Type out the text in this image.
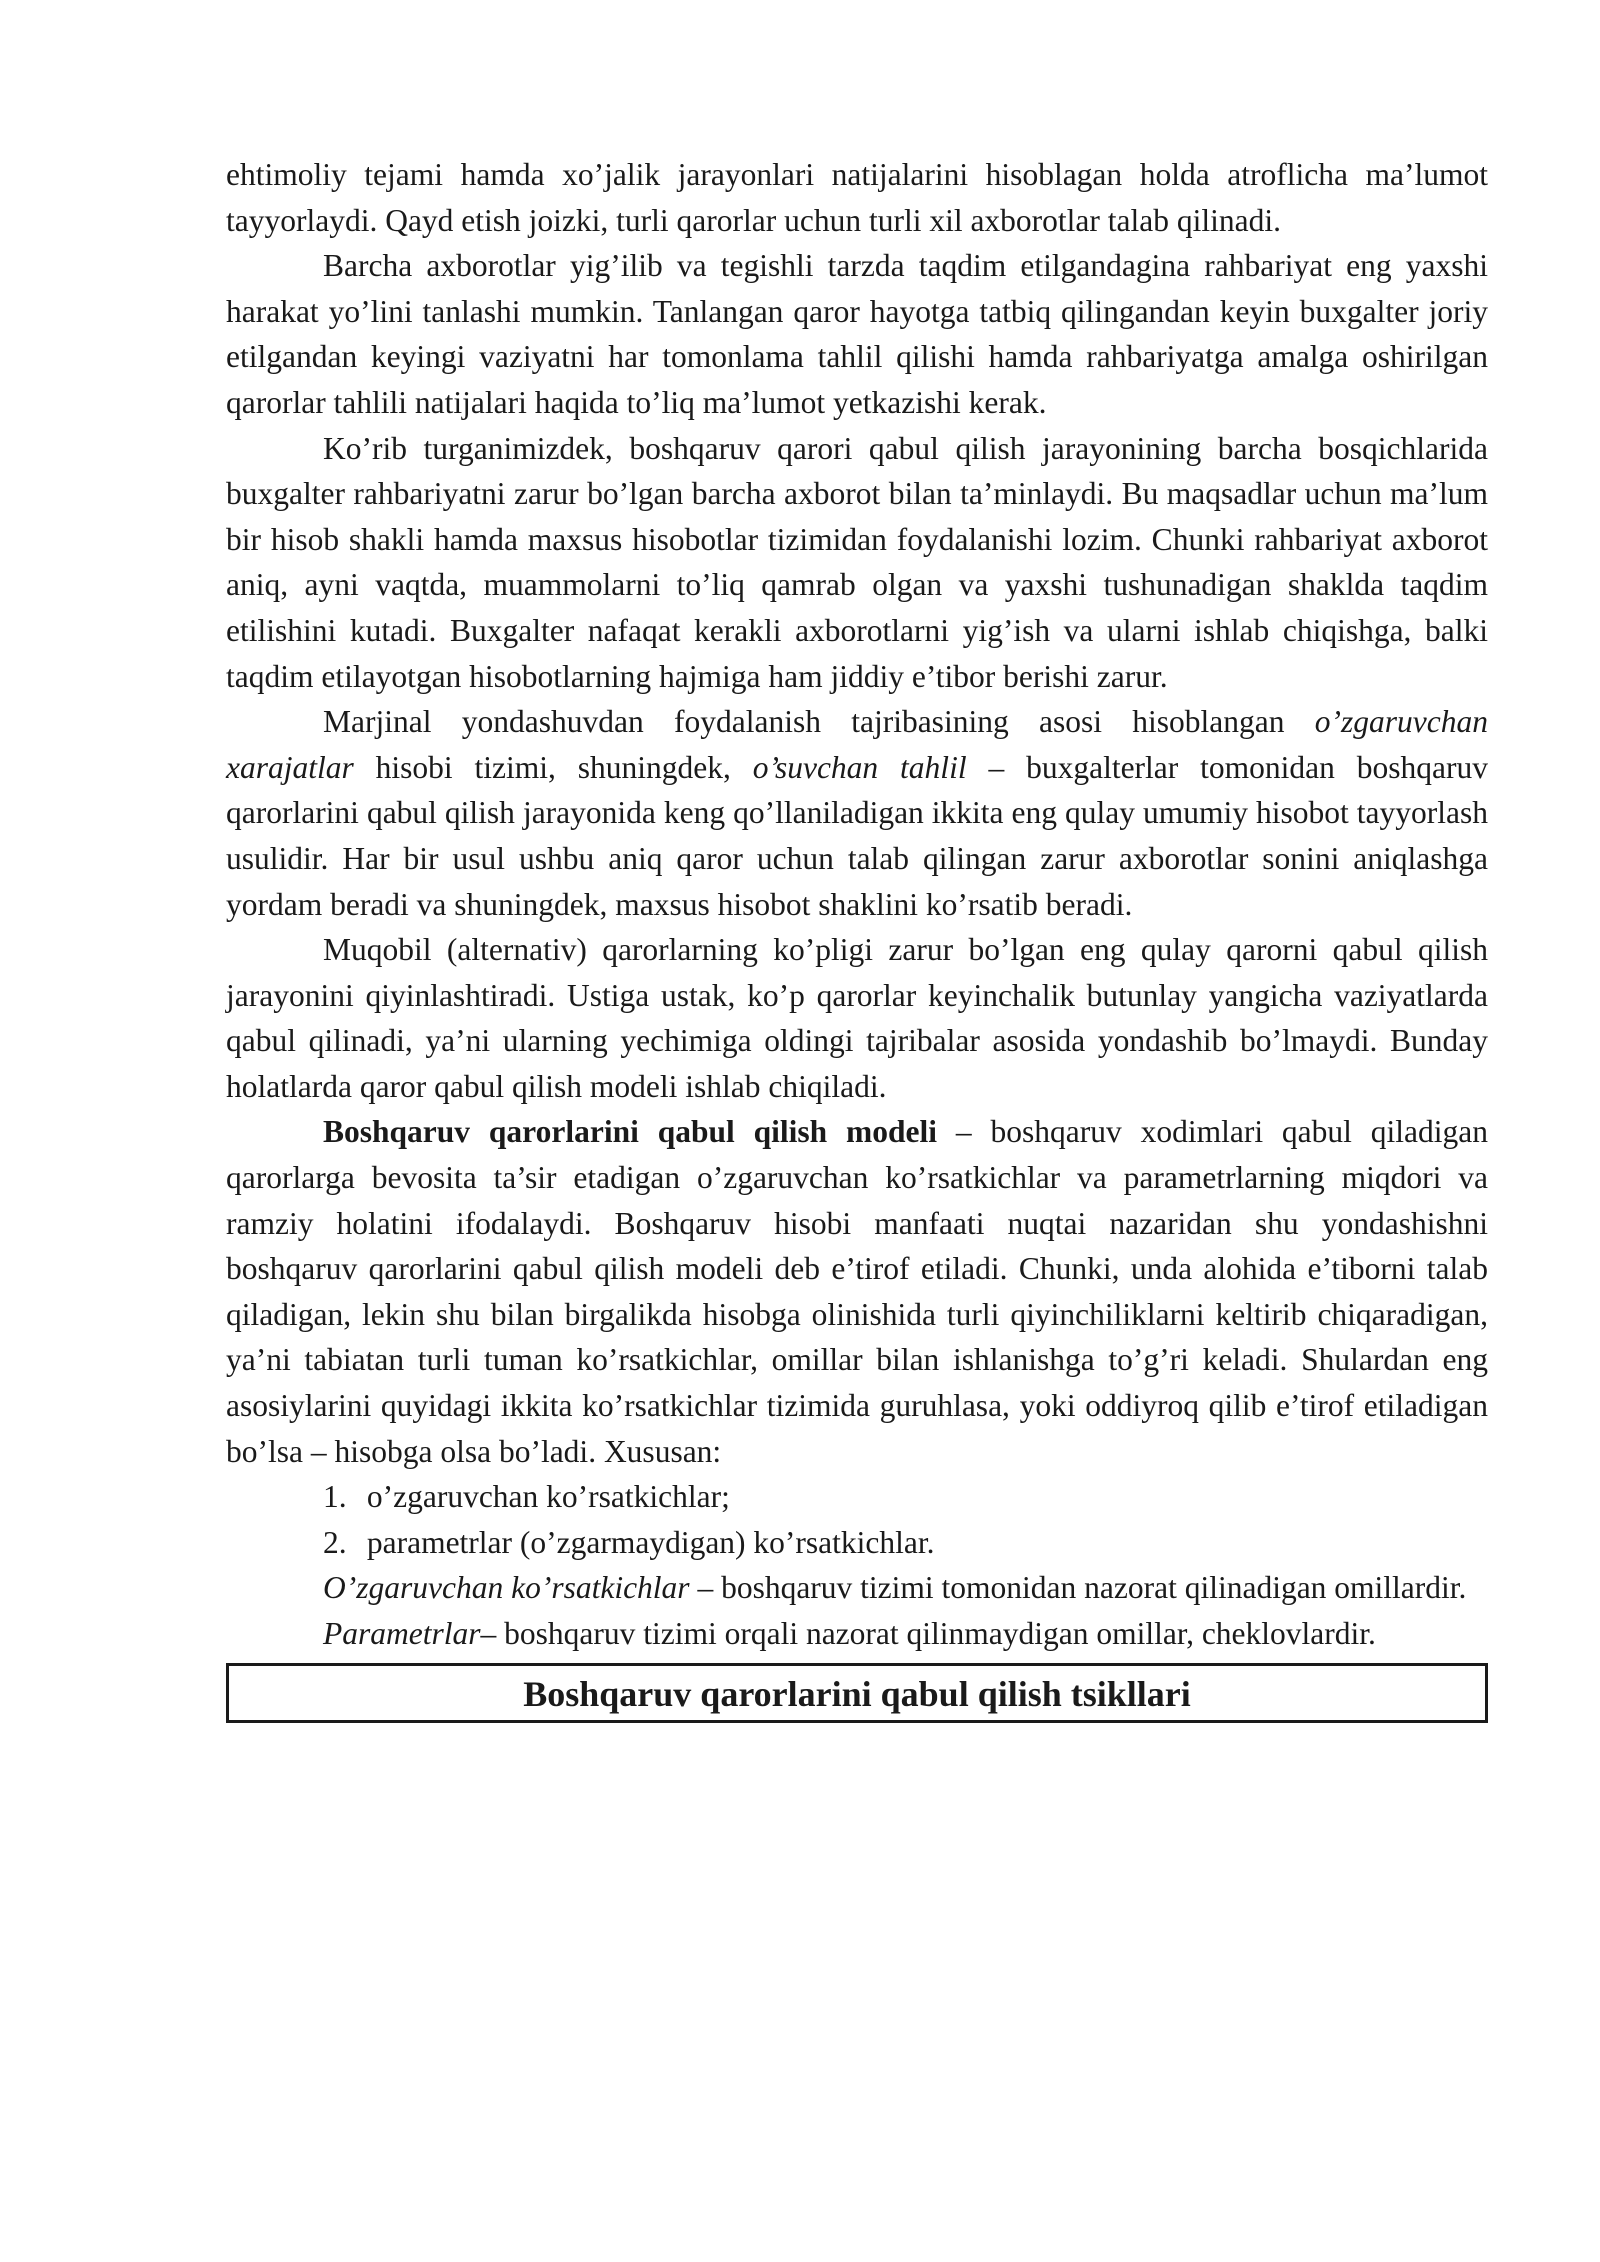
ehtimoliy tejami hamda xo’jalik jarayonlari natijalarini hisoblagan holda atroflicha ma’lumot tayyorlaydi. Qayd etish joizki, turli qarorlar uchun turli xil axborotlar talab qilinadi.

Barcha axborotlar yig’ilib va tegishli tarzda taqdim etilgandagina rahbariyat eng yaxshi harakat yo’lini tanlashi mumkin. Tanlangan qaror hayotga tatbiq qilingandan keyin buxgalter joriy etilgandan keyingi vaziyatni har tomonlama tahlil qilishi hamda rahbariyatga amalga oshirilgan qarorlar tahlili natijalari haqida to’liq ma’lumot yetkazishi kerak.

Ko’rib turganimizdek, boshqaruv qarori qabul qilish jarayonining barcha bosqichlarida buxgalter rahbariyatni zarur bo’lgan barcha axborot bilan ta’minlaydi. Bu maqsadlar uchun ma’lum bir hisob shakli hamda maxsus hisobotlar tizimidan foydalanishi lozim. Chunki rahbariyat axborot aniq, ayni vaqtda, muammolarni to’liq qamrab olgan va yaxshi tushunadigan shaklda taqdim etilishini kutadi. Buxgalter nafaqat kerakli axborotlarni yig’ish va ularni ishlab chiqishga, balki taqdim etilayotgan hisobotlarning hajmiga ham jiddiy e’tibor berishi zarur.

Marjinal yondashuvdan foydalanish tajribasining asosi hisoblangan o’zgaruvchan xarajatlar hisobi tizimi, shuningdek, o’suvchan tahlil – buxgalterlar tomonidan boshqaruv qarorlarini qabul qilish jarayonida keng qo’llaniladigan ikkita eng qulay umumiy hisobot tayyorlash usulidir. Har bir usul ushbu aniq qaror uchun talab qilingan zarur axborotlar sonini aniqlashga yordam beradi va shuningdek, maxsus hisobot shaklini ko’rsatib beradi.

Muqobil (alternativ) qarorlarning ko’pligi zarur bo’lgan eng qulay qarorni qabul qilish jarayonini qiyinlashtiradi. Ustiga ustak, ko’p qarorlar keyinchalik butunlay yangicha vaziyatlarda qabul qilinadi, ya’ni ularning yechimiga oldingi tajribalar asosida yondashib bo’lmaydi. Bunday holatlarda qaror qabul qilish modeli ishlab chiqiladi.

Boshqaruv qarorlarini qabul qilish modeli – boshqaruv xodimlari qabul qiladigan qarorlarga bevosita ta’sir etadigan o’zgaruvchan ko’rsatkichlar va parametrlarning miqdori va ramziy holatini ifodalaydi. Boshqaruv hisobi manfaati nuqtai nazaridan shu yondashishni boshqaruv qarorlarini qabul qilish modeli deb e’tirof etiladi. Chunki, unda alohida e’tiborni talab qiladigan, lekin shu bilan birgalikda hisobga olinishida turli qiyinchiliklarni keltirib chiqaradigan, ya’ni tabiatan turli tuman ko’rsatkichlar, omillar bilan ishlanishga to’g’ri keladi. Shulardan eng asosiylarini quyidagi ikkita ko’rsatkichlar tizimida guruhlasa, yoki oddiyroq qilib e’tirof etiladigan bo’lsa – hisobga olsa bo’ladi. Xususan:

1. o’zgaruvchan ko’rsatkichlar;

2. parametrlar (o’zgarmaydigan) ko’rsatkichlar.

O’zgaruvchan ko’rsatkichlar – boshqaruv tizimi tomonidan nazorat qilinadigan omillardir.

Parametrlar– boshqaruv tizimi orqali nazorat qilinmaydigan omillar, cheklovlardir.

Boshqaruv qarorlarini qabul qilish tsikllari
